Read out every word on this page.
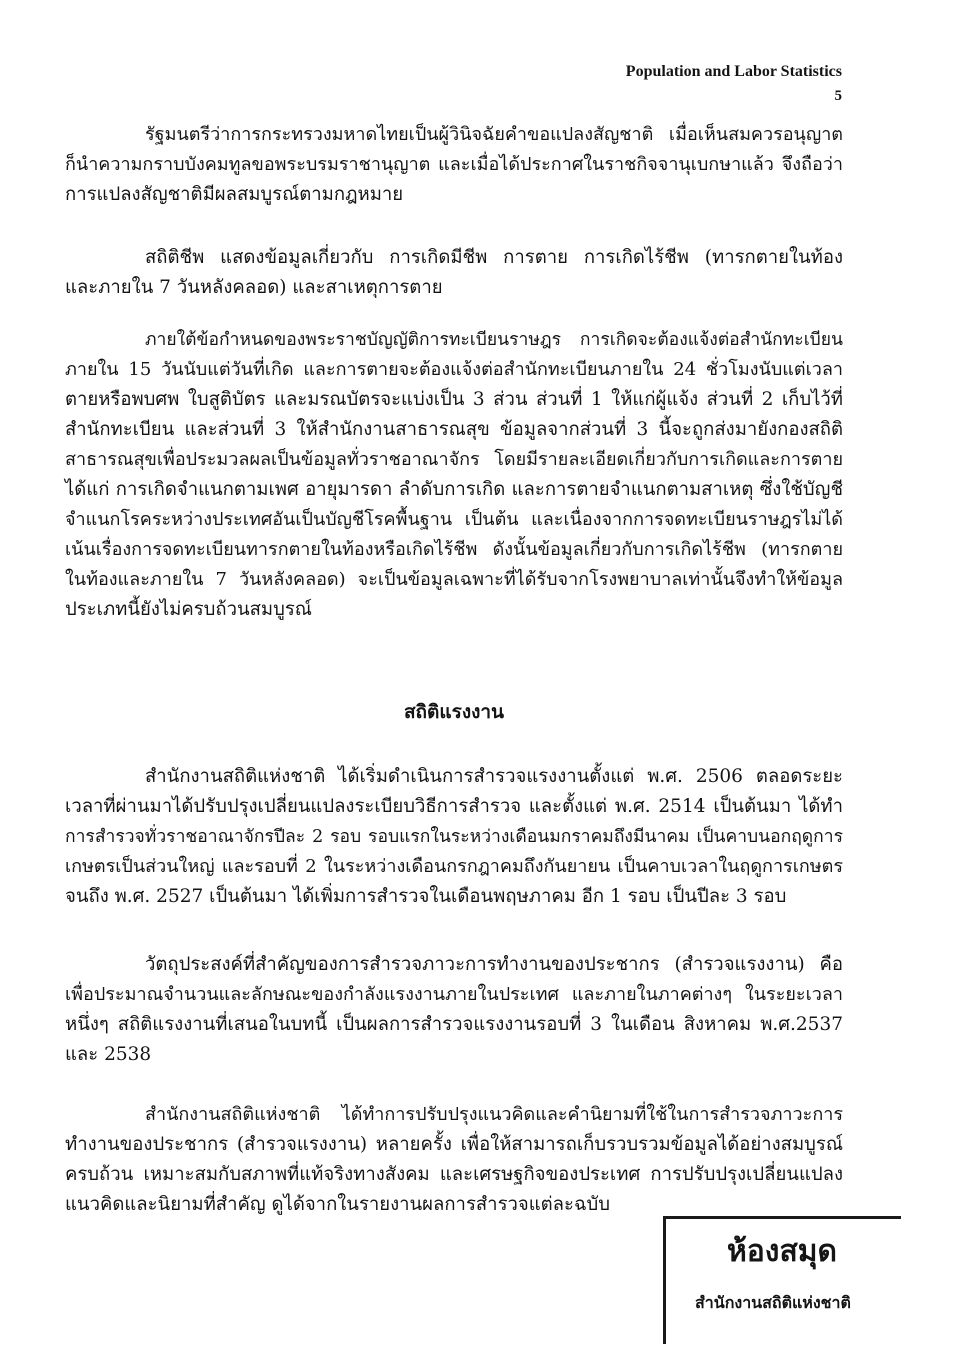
Population and Labor Statistics
5
รัฐมนตรีว่าการกระทรวงมหาดไทยเป็นผู้วินิจฉัยคำขอแปลงสัญชาติ เมื่อเห็นสมควรอนุญาต
ก็นำความกราบบังคมทูลขอพระบรมราชานุญาต และเมื่อได้ประกาศในราชกิจจานุเบกษาแล้ว จึงถือว่า
การแปลงสัญชาติมีผลสมบูรณ์ตามกฎหมาย
สถิติชีพ แสดงข้อมูลเกี่ยวกับ การเกิดมีชีพ การตาย การเกิดไร้ชีพ (ทารกตายในท้อง
และภายใน 7 วันหลังคลอด) และสาเหตุการตาย
ภายใต้ข้อกำหนดของพระราชบัญญัติการทะเบียนราษฎร การเกิดจะต้องแจ้งต่อสำนักทะเบียน
ภายใน 15 วันนับแต่วันที่เกิด และการตายจะต้องแจ้งต่อสำนักทะเบียนภายใน 24 ชั่วโมงนับแต่เวลา
ตายหรือพบศพ ใบสูติบัตร และมรณบัตรจะแบ่งเป็น 3 ส่วน ส่วนที่ 1 ให้แก่ผู้แจ้ง ส่วนที่ 2 เก็บไว้ที่
สำนักทะเบียน และส่วนที่ 3 ให้สำนักงานสาธารณสุข ข้อมูลจากส่วนที่ 3 นี้จะถูกส่งมายังกองสถิติ
สาธารณสุขเพื่อประมวลผลเป็นข้อมูลทั่วราชอาณาจักร โดยมีรายละเอียดเกี่ยวกับการเกิดและการตาย
ได้แก่ การเกิดจำแนกตามเพศ อายุมารดา ลำดับการเกิด และการตายจำแนกตามสาเหตุ ซึ่งใช้บัญชี
จำแนกโรคระหว่างประเทศอันเป็นบัญชีโรคพื้นฐาน เป็นต้น และเนื่องจากการจดทะเบียนราษฎรไม่ได้
เน้นเรื่องการจดทะเบียนทารกตายในท้องหรือเกิดไร้ชีพ ดังนั้นข้อมูลเกี่ยวกับการเกิดไร้ชีพ (ทารกตาย
ในท้องและภายใน 7 วันหลังคลอด) จะเป็นข้อมูลเฉพาะที่ได้รับจากโรงพยาบาลเท่านั้นจึงทำให้ข้อมูล
ประเภทนี้ยังไม่ครบถ้วนสมบูรณ์
สถิติแรงงาน
สำนักงานสถิติแห่งชาติ ได้เริ่มดำเนินการสำรวจแรงงานตั้งแต่ พ.ศ. 2506 ตลอดระยะ
เวลาที่ผ่านมาได้ปรับปรุงเปลี่ยนแปลงระเบียบวิธีการสำรวจ และตั้งแต่ พ.ศ. 2514 เป็นต้นมา ได้ทำ
การสำรวจทั่วราชอาณาจักรปีละ 2 รอบ รอบแรกในระหว่างเดือนมกราคมถึงมีนาคม เป็นคาบนอกฤดูการ
เกษตรเป็นส่วนใหญ่ และรอบที่ 2 ในระหว่างเดือนกรกฎาคมถึงกันยายน เป็นคาบเวลาในฤดูการเกษตร
จนถึง พ.ศ. 2527 เป็นต้นมา ได้เพิ่มการสำรวจในเดือนพฤษภาคม อีก 1 รอบ เป็นปีละ 3 รอบ
วัตถุประสงค์ที่สำคัญของการสำรวจภาวะการทำงานของประชากร (สำรวจแรงงาน) คือ
เพื่อประมาณจำนวนและลักษณะของกำลังแรงงานภายในประเทศ และภายในภาคต่างๆ ในระยะเวลา
หนึ่งๆ สถิติแรงงานที่เสนอในบทนี้ เป็นผลการสำรวจแรงงานรอบที่ 3 ในเดือน สิงหาคม พ.ศ.2537
และ 2538
สำนักงานสถิติแห่งชาติ ได้ทำการปรับปรุงแนวคิดและคำนิยามที่ใช้ในการสำรวจภาวะการ
ทำงานของประชากร (สำรวจแรงงาน) หลายครั้ง เพื่อให้สามารถเก็บรวบรวมข้อมูลได้อย่างสมบูรณ์
ครบถ้วน เหมาะสมกับสภาพที่แท้จริงทางสังคม และเศรษฐกิจของประเทศ การปรับปรุงเปลี่ยนแปลง
แนวคิดและนิยามที่สำคัญ ดูได้จากในรายงานผลการสำรวจแต่ละฉบับ
ห้องสมุด
สำนักงานสถิติแห่งชาติ
